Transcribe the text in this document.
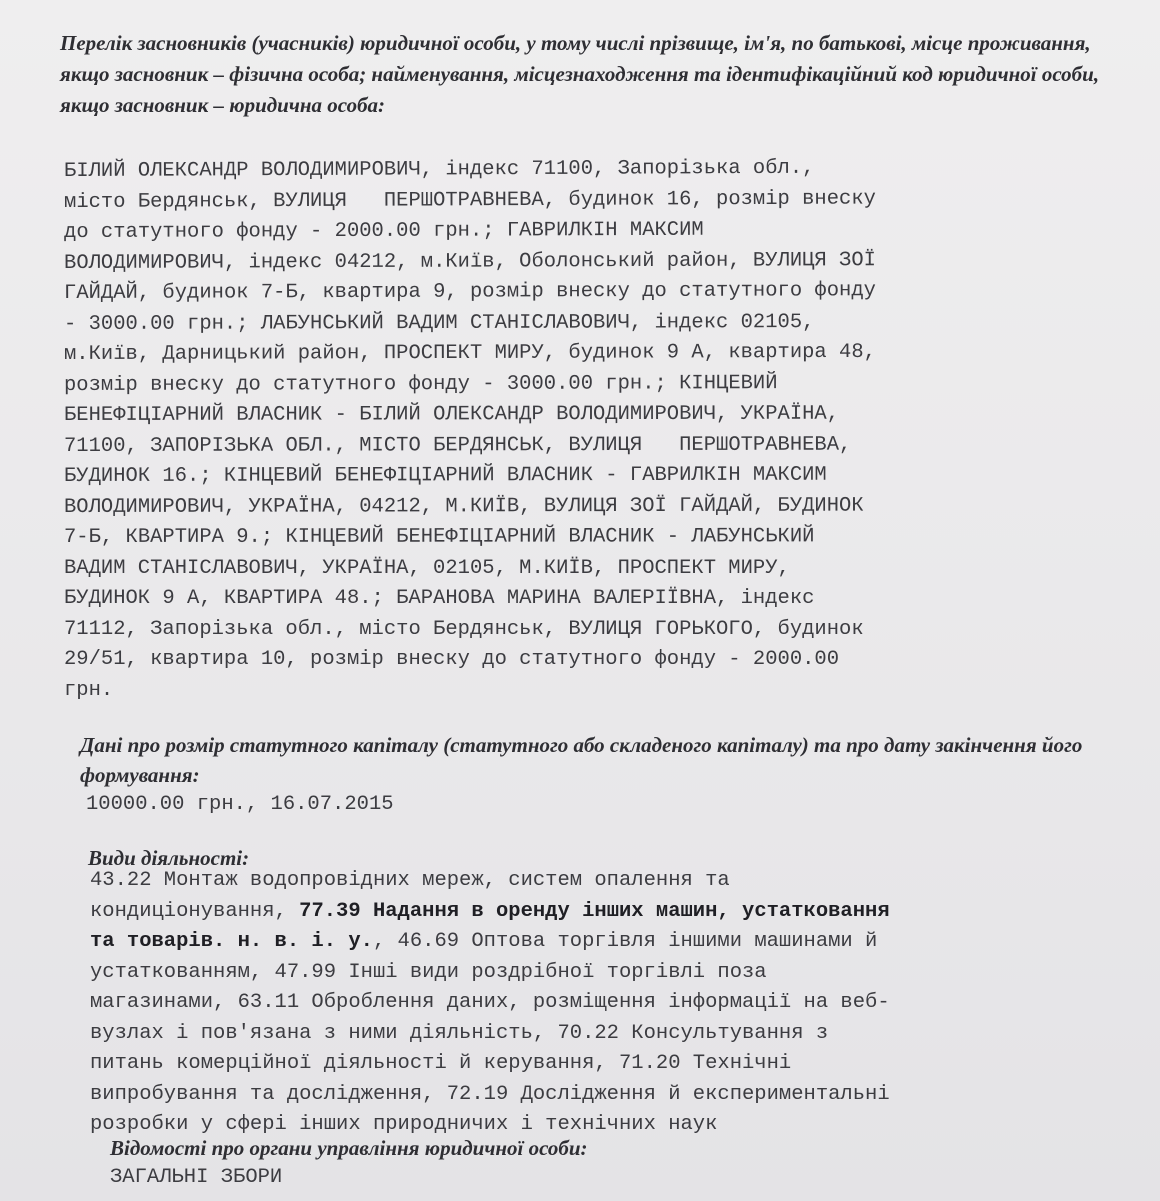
Перелік засновників (учасників) юридичної особи, у тому числі прізвище, ім'я, по батькові, місце проживання, якщо засновник – фізична особа; найменування, місцезнаходження та ідентифікаційний код юридичної особи, якщо засновник – юридична особа:

БІЛИЙ ОЛЕКСАНДР ВОЛОДИМИРОВИЧ, індекс 71100, Запорізька обл.,

місто Бердянськ, ВУЛИЦЯ   ПЕРШОТРАВНЕВА, будинок 16, розмір внеску

до статутного фонду - 2000.00 грн.; ГАВРИЛКІН МАКСИМ

ВОЛОДИМИРОВИЧ, індекс 04212, м.Київ, Оболонський район, ВУЛИЦЯ ЗОЇ

ГАЙДАЙ, будинок 7-Б, квартира 9, розмір внеску до статутного фонду

- 3000.00 грн.; ЛАБУНСЬКИЙ ВАДИМ СТАНІСЛАВОВИЧ, індекс 02105,

м.Київ, Дарницький район, ПРОСПЕКТ МИРУ, будинок 9 А, квартира 48,

розмір внеску до статутного фонду - 3000.00 грн.; КІНЦЕВИЙ

БЕНЕФІЦІАРНИЙ ВЛАСНИК - БІЛИЙ ОЛЕКСАНДР ВОЛОДИМИРОВИЧ, УКРАЇНА,

71100, ЗАПОРІЗЬКА ОБЛ., МІСТО БЕРДЯНСЬК, ВУЛИЦЯ   ПЕРШОТРАВНЕВА,

БУДИНОК 16.; КІНЦЕВИЙ БЕНЕФІЦІАРНИЙ ВЛАСНИК - ГАВРИЛКІН МАКСИМ

ВОЛОДИМИРОВИЧ, УКРАЇНА, 04212, М.КИЇВ, ВУЛИЦЯ ЗОЇ ГАЙДАЙ, БУДИНОК

7-Б, КВАРТИРА 9.; КІНЦЕВИЙ БЕНЕФІЦІАРНИЙ ВЛАСНИК - ЛАБУНСЬКИЙ

ВАДИМ СТАНІСЛАВОВИЧ, УКРАЇНА, 02105, М.КИЇВ, ПРОСПЕКТ МИРУ,

БУДИНОК 9 А, КВАРТИРА 48.; БАРАНОВА МАРИНА ВАЛЕРІЇВНА, індекс

71112, Запорізька обл., місто Бердянськ, ВУЛИЦЯ ГОРЬКОГО, будинок

29/51, квартира 10, розмір внеску до статутного фонду - 2000.00

грн.

Дані про розмір статутного капіталу (статутного або складеного капіталу) та про дату закінчення його формування:

10000.00 грн., 16.07.2015

Види діяльності:

43.22 Монтаж водопровідних мереж, систем опалення та

кондиціонування, 77.39 Надання в оренду інших машин, устатковання

та товарів. н. в. і. у., 46.69 Оптова торгівля іншими машинами й

устаткованням, 47.99 Інші види роздрібної торгівлі поза

магазинами, 63.11 Оброблення даних, розміщення інформації на веб-

вузлах і пов'язана з ними діяльність, 70.22 Консультування з

питань комерційної діяльності й керування, 71.20 Технічні

випробування та дослідження, 72.19 Дослідження й експериментальні

розробки у сфері інших природничих і технічних наук

Відомості про органи управління юридичної особи:

ЗАГАЛЬНІ ЗБОРИ
